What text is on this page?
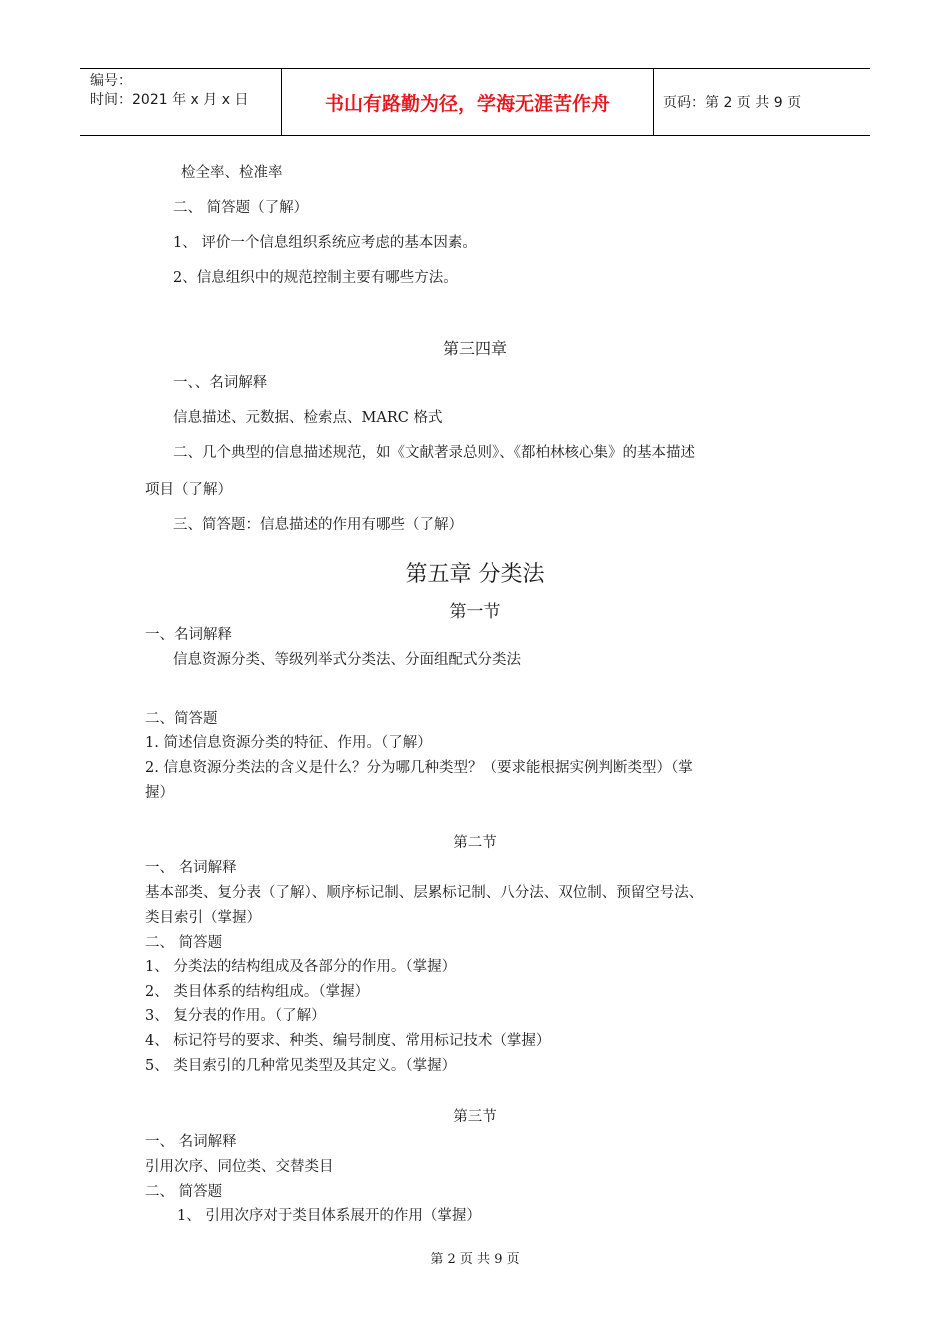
编号：
时间：2021 年 x 月 x 日	书山有路勤为径，学海无涯苦作舟	页码：第 2 页 共 9 页
检全率、检准率
二、 简答题（了解）
1、 评价一个信息组织系统应考虑的基本因素。
2、信息组织中的规范控制主要有哪些方法。
第三四章
一、、名词解释
信息描述、元数据、检索点、MARC 格式
二、几个典型的信息描述规范，如《文献著录总则》、《都柏林核心集》的基本描述
项目（了解）
三、简答题：信息描述的作用有哪些（了解）
第五章 分类法
第一节
一、名词解释
信息资源分类、等级列举式分类法、分面组配式分类法
二、简答题
1. 简述信息资源分类的特征、作用。（了解）
2. 信息资源分类法的含义是什么？分为哪几种类型？（要求能根据实例判断类型）（掌
握）
第二节
一、 名词解释
基本部类、复分表（了解）、顺序标记制、层累标记制、八分法、双位制、预留空号法、
类目索引（掌握）
二、 简答题
1、 分类法的结构组成及各部分的作用。（掌握）
2、 类目体系的结构组成。（掌握）
3、 复分表的作用。（了解）
4、 标记符号的要求、种类、编号制度、常用标记技术（掌握）
5、 类目索引的几种常见类型及其定义。（掌握）
第三节
一、 名词解释
引用次序、同位类、交替类目
二、 简答题
1、 引用次序对于类目体系展开的作用（掌握）
第 2 页 共 9 页
